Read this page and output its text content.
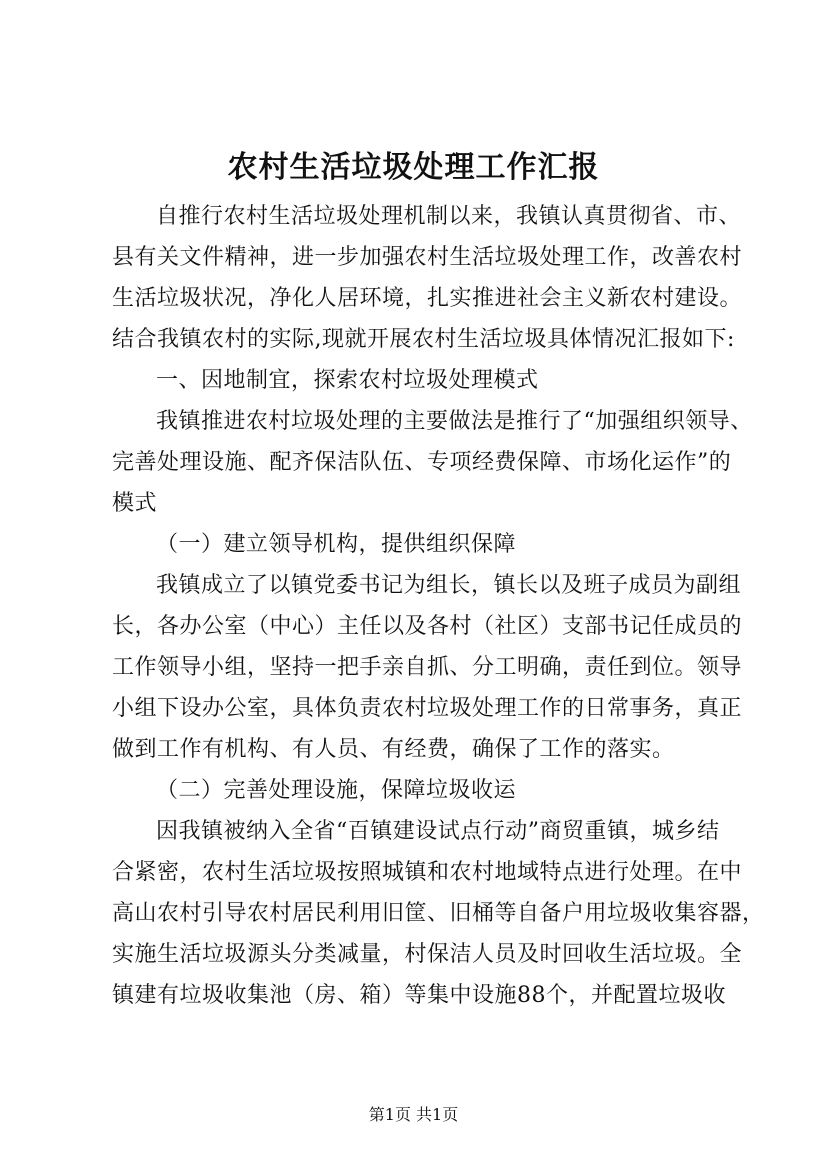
农村生活垃圾处理工作汇报
自推行农村生活垃圾处理机制以来，我镇认真贯彻省、市、
县有关文件精神，进一步加强农村生活垃圾处理工作，改善农村
生活垃圾状况，净化人居环境，扎实推进社会主义新农村建设。
结合我镇农村的实际,现就开展农村生活垃圾具体情况汇报如下:
一、因地制宜，探索农村垃圾处理模式
我镇推进农村垃圾处理的主要做法是推行了“加强组织领导、
完善处理设施、配齐保洁队伍、专项经费保障、市场化运作”的
模式
（一）建立领导机构，提供组织保障
我镇成立了以镇党委书记为组长，镇长以及班子成员为副组
长，各办公室（中心）主任以及各村（社区）支部书记任成员的
工作领导小组，坚持一把手亲自抓、分工明确，责任到位。领导
小组下设办公室，具体负责农村垃圾处理工作的日常事务，真正
做到工作有机构、有人员、有经费，确保了工作的落实。
（二）完善处理设施，保障垃圾收运
因我镇被纳入全省“百镇建设试点行动”商贸重镇，城乡结
合紧密，农村生活垃圾按照城镇和农村地域特点进行处理。在中
高山农村引导农村居民利用旧筐、旧桶等自备户用垃圾收集容器，
实施生活垃圾源头分类减量，村保洁人员及时回收生活垃圾。全
镇建有垃圾收集池（房、箱）等集中设施88个，并配置垃圾收
第1页 共1页
